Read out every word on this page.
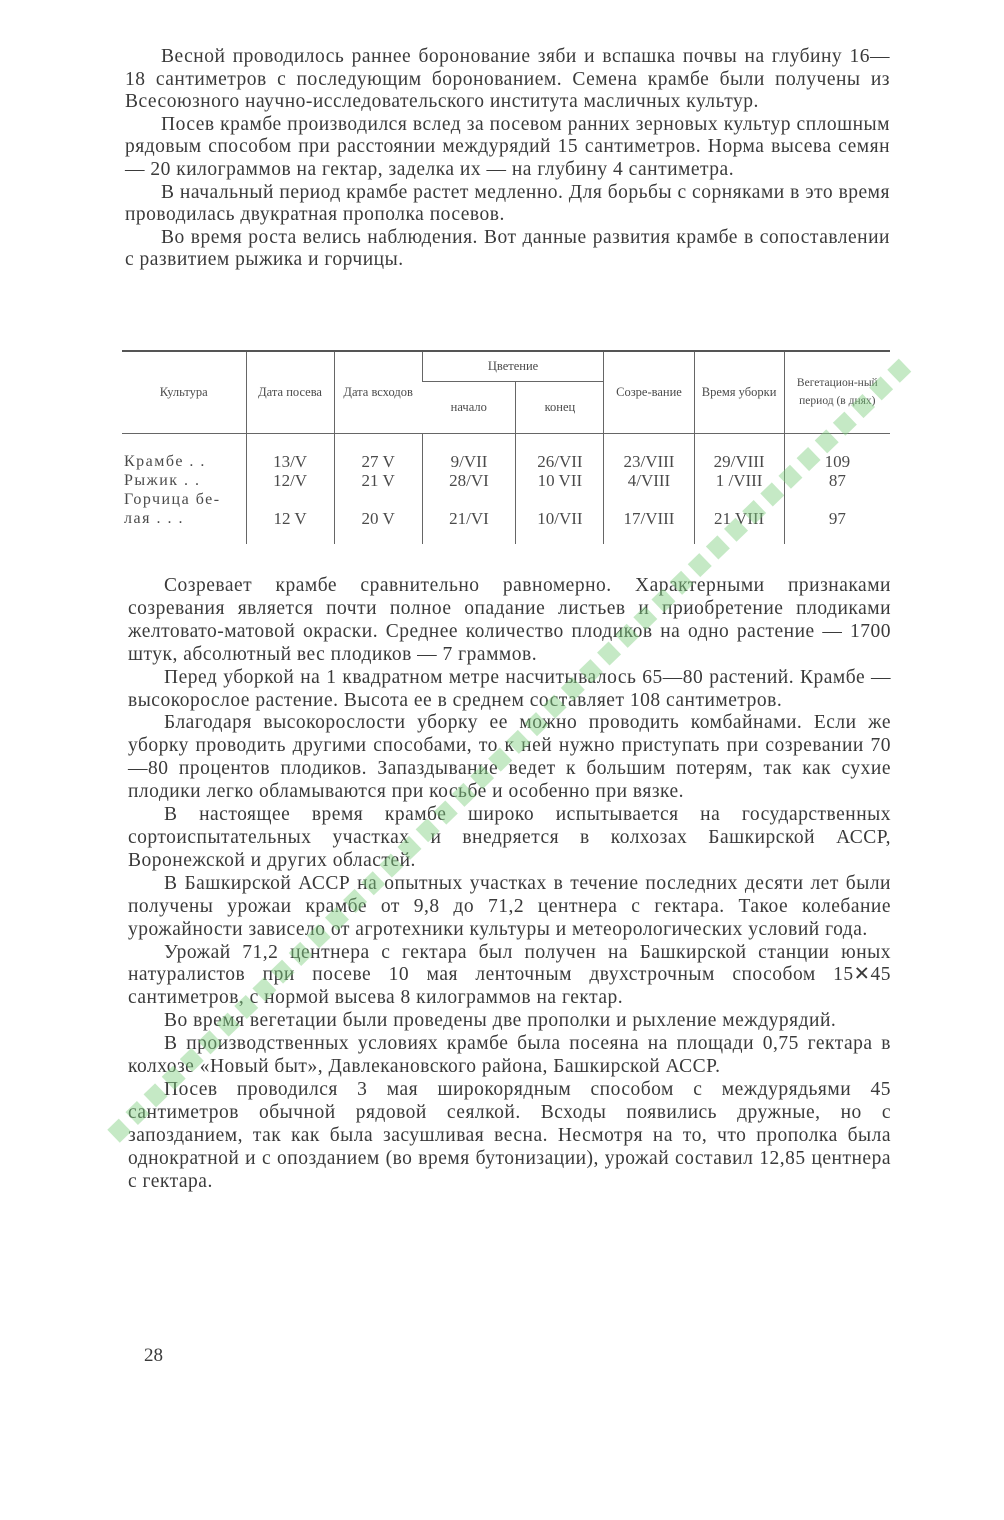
Весной проводилось раннее боронование зяби и вспашка почвы на глубину 16—18 сантиметров с последующим боронованием. Семена крамбе были получены из Всесоюзного научно-исследовательского института масличных культур.

Посев крамбе производился вслед за посевом ранних зерновых культур сплошным рядовым способом при расстоянии междурядий 15 сантиметров. Норма высева семян — 20 килограммов на гектар, заделка их — на глубину 4 сантиметра.

В начальный период крамбе растет медленно. Для борьбы с сорняками в это время проводилась двукратная прополка посевов.

Во время роста велись наблюдения. Вот данные развития крамбе в сопоставлении с развитием рыжика и горчицы.

Культура	Дата посева	Дата всходов	Цветение		Созре-вание	Время уборки	Вегетацион-ный период (в днях)
			начало	конец			

Крамбе . .	13/V	27 V	9/VII	26/VII	23/VIII	29/VIII	109
Рыжик . .	12/V	21 V	28/VI	10 VII	4/VIII	1 /VIII	87
Горчица бе-							
лая . . .	12 V	20 V	21/VI	10/VII	17/VIII	21 VIII	97

Созревает крамбе сравнительно равномерно. Характерными признаками созревания является почти полное опадание листьев и приобретение плодиками желтовато-матовой окраски. Среднее количество плодиков на одно растение — 1700 штук, абсолютный вес плодиков — 7 граммов.

Перед уборкой на 1 квадратном метре насчитывалось 65—80 растений. Крамбе — высокорослое растение. Высота ее в среднем составляет 108 сантиметров.

Благодаря высокорослости уборку ее можно проводить комбайнами. Если же уборку проводить другими способами, то к ней нужно приступать при созревании 70—80 процентов плодиков. Запаздывание ведет к большим потерям, так как сухие плодики легко обламываются при косьбе и особенно при вязке.

В настоящее время крамбе широко испытывается на государственных сортоиспытательных участках и внедряется в колхозах Башкирской АССР, Воронежской и других областей.

В Башкирской АССР на опытных участках в течение последних десяти лет были получены урожаи крамбе от 9,8 до 71,2 центнера с гектара. Такое колебание урожайности зависело от агротехники культуры и метеорологических условий года.

Урожай 71,2 центнера с гектара был получен на Башкирской станции юных натуралистов при посеве 10 мая ленточным двухстрочным способом 15✕45 сантиметров, с нормой высева 8 килограммов на гектар.

Во время вегетации были проведены две прополки и рыхление междурядий.

В производственных условиях крамбе была посеяна на площади 0,75 гектара в колхозе «Новый быт», Давлекановского района, Башкирской АССР.

Посев проводился 3 мая широкорядным способом с междурядьями 45 сантиметров обычной рядовой сеялкой. Всходы появились дружные, но с запозданием, так как была засушливая весна. Несмотря на то, что прополка была однократной и с опозданием (во время бутонизации), урожай составил 12,85 центнера с гектара.

28
